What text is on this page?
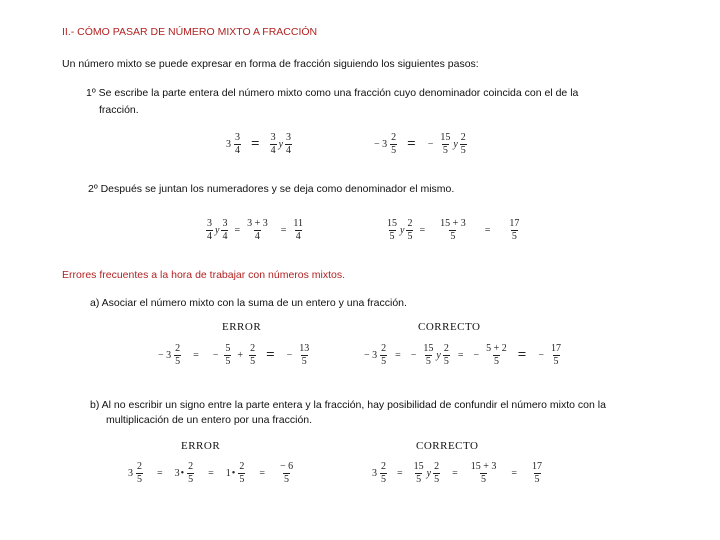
II.- CÓMO PASAR DE NÚMERO MIXTO A FRACCIÓN
Un número mixto se puede expresar en forma de fracción siguiendo los siguientes pasos:
1º Se escribe la parte entera del número mixto como una fracción cuyo denominador coincida con el de la
fracción.
$3 \frac{3}{4} = \frac{3}{4}$ y $\frac{3}{4}$	− $3 \frac{2}{5}$ = − $\frac{15}{5}$ y $\frac{2}{5}$
2º Después se juntan los numeradores y se deja como denominador el mismo.
$\frac{3}{4}$ y $\frac{3}{4} = \frac{3 + 3}{4} = \frac{11}{4}$	$\frac{15}{5}$ y $\frac{2}{5} = \frac{15 + 3}{5} = \frac{17}{5}$
Errores frecuentes a la hora de trabajar con números mixtos.
a) Asociar el número mixto con la suma de un entero y una fracción.
ERROR	CORRECTO
− $3 \frac{2}{5}$ = − $\frac{5}{5} + \frac{2}{5}$ = − $\frac{13}{5}$	− $3 \frac{2}{5}$ = − $\frac{15}{5}$ y $\frac{2}{5}$ = − $\frac{5 + 2}{5}$ = − $\frac{17}{5}$
b) Al no escribir un signo entre la parte entera y la fracción, hay posibilidad de confundir el número mixto con la
multiplicación de un entero por una fracción.
ERROR	CORRECTO
$3 \frac{2}{5} = 3$ • $\frac{2}{5} = 1$ • $\frac{2}{5} = \frac{- 6}{5}$	$3 \frac{2}{5} = \frac{15}{5}$ y $\frac{2}{5} = \frac{15 + 3}{5} = \frac{17}{5}$
